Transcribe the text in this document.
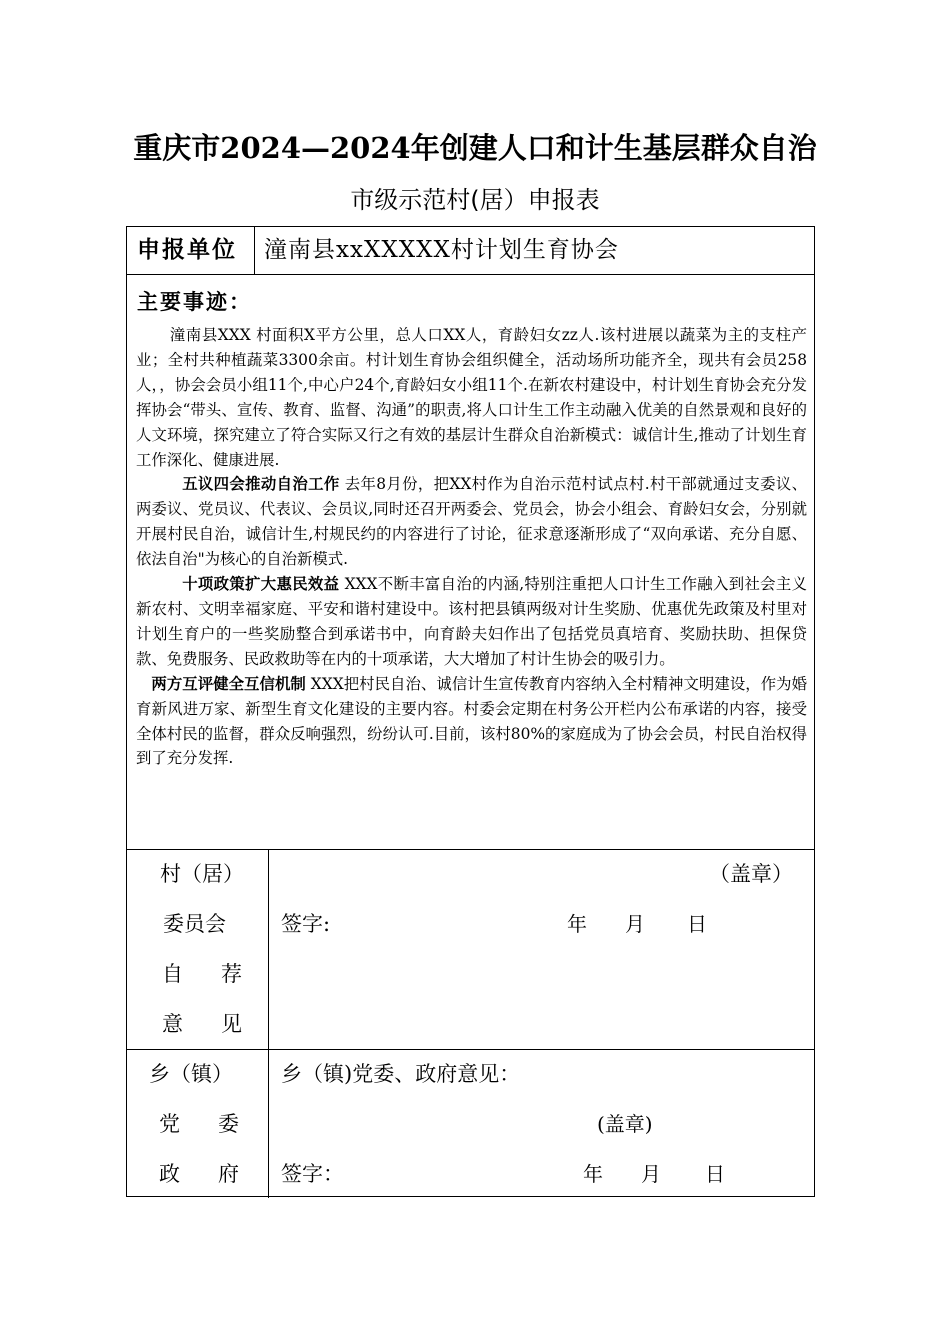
重庆市2024—2024年创建人口和计生基层群众自治
市级示范村(居）申报表
申报单位 潼南县xxXXXXX村计划生育协会
主要事迹：

潼南县XXX 村面积X平方公里，总人口XX人，育龄妇女zz人.该村进展以蔬菜为主的支柱产业；全村共种植蔬菜3300余亩。村计划生育协会组织健全，活动场所功能齐全，现共有会员258人，，协会会员小组11个,中心户24个,育龄妇女小组11个.在新农村建设中，村计划生育协会充分发挥协会“带头、宣传、教育、监督、沟通”的职责,将人口计生工作主动融入优美的自然景观和良好的人文环境，探究建立了符合实际又行之有效的基层计生群众自治新模式：诚信计生,推动了计划生育工作深化、健康进展.

五议四会推动自治工作 去年8月份，把XX村作为自治示范村试点村.村干部就通过支委议、两委议、党员议、代表议、会员议,同时还召开两委会、党员会，协会小组会、育龄妇女会，分别就开展村民自治，诚信计生,村规民约的内容进行了讨论，征求意逐渐形成了“双向承诺、充分自愿、依法自治"为核心的自治新模式.

十项政策扩大惠民效益 XXX不断丰富自治的内涵,特别注重把人口计生工作融入到社会主义新农村、文明幸福家庭、平安和谐村建设中。该村把县镇两级对计生奖励、优惠优先政策及村里对计划生育户的一些奖励整合到承诺书中，向育龄夫妇作出了包括党员真培育、奖励扶助、担保贷款、免费服务、民政救助等在内的十项承诺，大大增加了村计生协会的吸引力。

两方互评健全互信机制 XXX把村民自治、诚信计生宣传教育内容纳入全村精神文明建设，作为婚育新风进万家、新型生育文化建设的主要内容。村委会定期在村务公开栏内公布承诺的内容，接受全体村民的监督，群众反响强烈，纷纷认可.目前，该村80%的家庭成为了协会会员，村民自治权得到了充分发挥.

村（居）
委员会
自 荐
意 见
（盖章）
签字:	年 月 日
乡（镇）
党 委
政 府
乡（镇)党委、政府意见：
(盖章)
签字：	年 月 日
